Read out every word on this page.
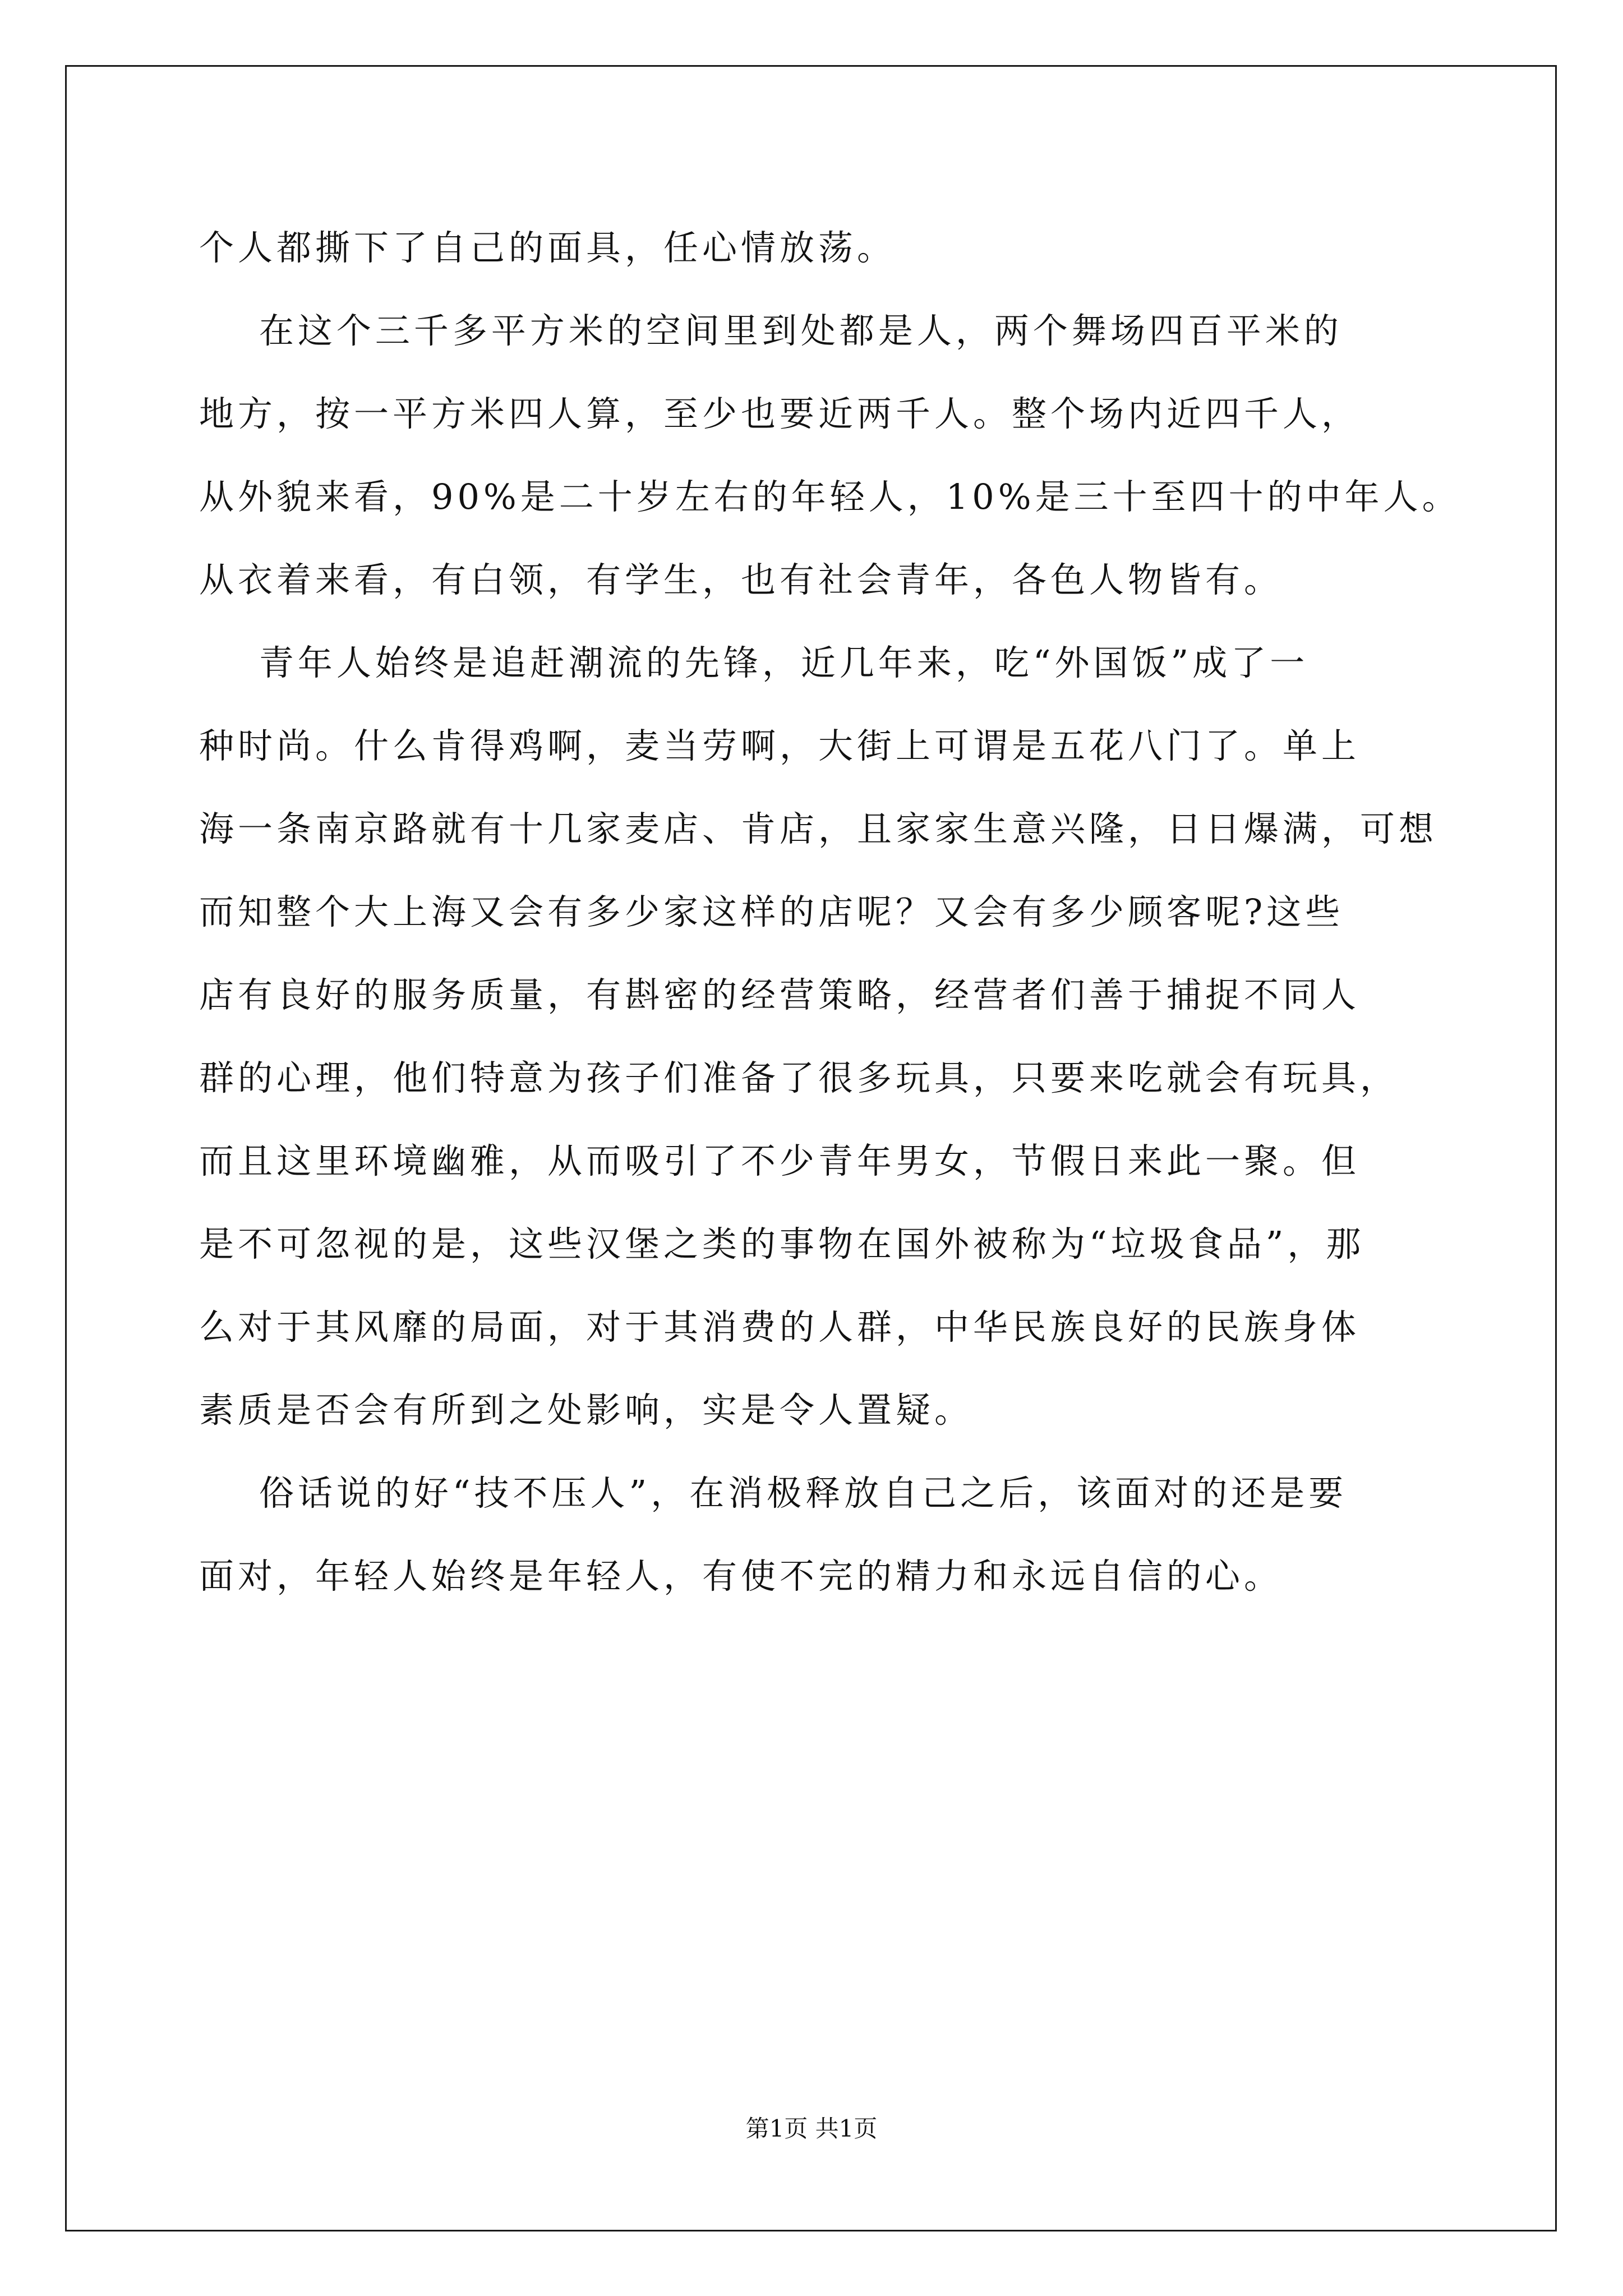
个人都撕下了自己的面具，任心情放荡。
在这个三千多平方米的空间里到处都是人，两个舞场四百平米的
地方，按一平方米四人算，至少也要近两千人。整个场内近四千人，
从外貌来看，90%是二十岁左右的年轻人，10%是三十至四十的中年人。
从衣着来看，有白领，有学生，也有社会青年，各色人物皆有。
青年人始终是追赶潮流的先锋，近几年来，吃“外国饭”成了一
种时尚。什么肯得鸡啊，麦当劳啊，大街上可谓是五花八门了。单上
海一条南京路就有十几家麦店、肯店，且家家生意兴隆，日日爆满，可想
而知整个大上海又会有多少家这样的店呢？又会有多少顾客呢?这些
店有良好的服务质量，有斟密的经营策略，经营者们善于捕捉不同人
群的心理，他们特意为孩子们准备了很多玩具，只要来吃就会有玩具，
而且这里环境幽雅，从而吸引了不少青年男女，节假日来此一聚。但
是不可忽视的是，这些汉堡之类的事物在国外被称为“垃圾食品”，那
么对于其风靡的局面，对于其消费的人群，中华民族良好的民族身体
素质是否会有所到之处影响，实是令人置疑。
俗话说的好“技不压人”，在消极释放自己之后，该面对的还是要
面对，年轻人始终是年轻人，有使不完的精力和永远自信的心。
第1页 共1页
